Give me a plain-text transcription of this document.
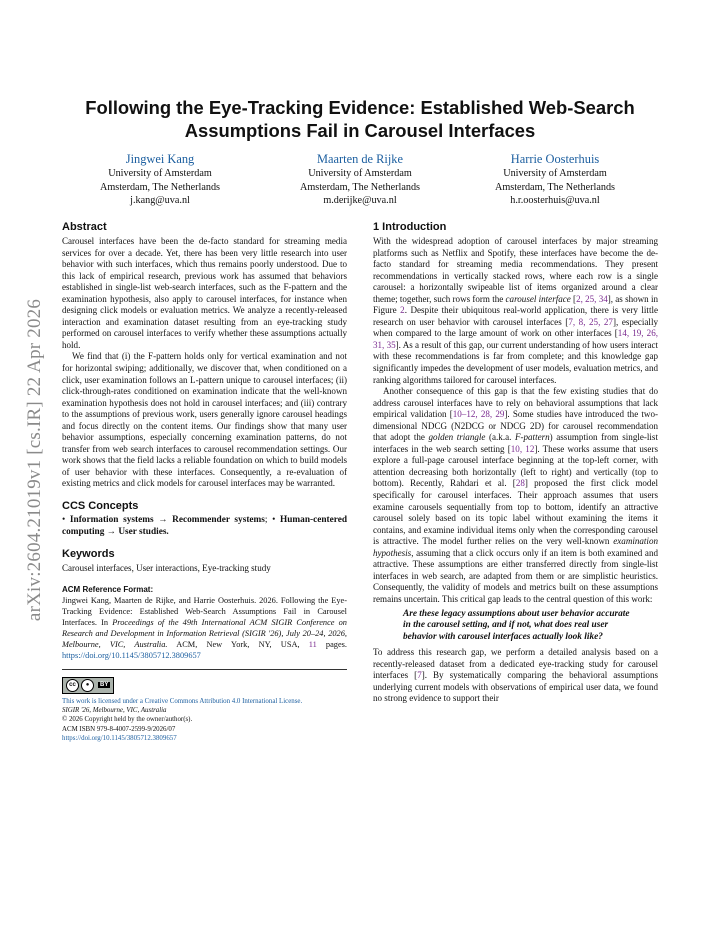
arXiv:2604.21019v1 [cs.IR] 22 Apr 2026
Following the Eye-Tracking Evidence: Established Web-Search
Assumptions Fail in Carousel Interfaces
Jingwei Kang
University of Amsterdam
Amsterdam, The Netherlands
j.kang@uva.nl
Maarten de Rijke
University of Amsterdam
Amsterdam, The Netherlands
m.derijke@uva.nl
Harrie Oosterhuis
University of Amsterdam
Amsterdam, The Netherlands
h.r.oosterhuis@uva.nl
Abstract

Carousel interfaces have been the de-facto standard for streaming media services for over a decade. Yet, there has been very little research into user behavior with such interfaces, which thus remains poorly understood. Due to this lack of empirical research, previous work has assumed that behaviors established in single-list web-search interfaces, such as the F-pattern and the examination hypothesis, also apply to carousel interfaces, for instance when designing click models or evaluation metrics. We analyze a recently-released interaction and examination dataset resulting from an eye-tracking study performed on carousel interfaces to verify whether these assumptions actually hold.

We find that (i) the F-pattern holds only for vertical examination and not for horizontal swiping; additionally, we discover that, when conditioned on a click, user examination follows an L-pattern unique to carousel interfaces; (ii) click-through-rates conditioned on examination indicate that the well-known examination hypothesis does not hold in carousel interfaces; and (iii) contrary to the assumptions of previous work, users generally ignore carousel headings and focus directly on the content items. Our findings show that many user behavior assumptions, especially concerning examination patterns, do not transfer from web search interfaces to carousel recommendation settings. Our work shows that the field lacks a reliable foundation on which to build models of user behavior with these interfaces. Consequently, a re-evaluation of existing metrics and click models for carousel interfaces may be warranted.

CCS Concepts

• Information systems → Recommender systems; • Human-centered computing → User studies.

Keywords

Carousel interfaces, User interactions, Eye-tracking study

ACM Reference Format:

Jingwei Kang, Maarten de Rijke, and Harrie Oosterhuis. 2026. Following the Eye-Tracking Evidence: Established Web-Search Assumptions Fail in Carousel Interfaces. In Proceedings of the 49th International ACM SIGIR Conference on Research and Development in Information Retrieval (SIGIR '26), July 20–24, 2026, Melbourne, VIC, Australia. ACM, New York, NY, USA, 11 pages. https://doi.org/10.1145/3805712.3809657

cc	●	BY

This work is licensed under a Creative Commons Attribution 4.0 International License.

SIGIR '26, Melbourne, VIC, Australia

© 2026 Copyright held by the owner/author(s).

ACM ISBN 979-8-4007-2599-9/2026/07

https://doi.org/10.1145/3805712.3809657

1 Introduction

With the widespread adoption of carousel interfaces by major streaming platforms such as Netflix and Spotify, these interfaces have become the de-facto standard for streaming media recommendations. They present recommendations in vertically stacked rows, where each row is a single carousel: a horizontally swipeable list of items organized around a clear theme; together, such rows form the carousel interface [2, 25, 34], as shown in Figure 2. Despite their ubiquitous real-world application, there is very little research on user behavior with carousel interfaces [7, 8, 25, 27], especially when compared to the large amount of work on other interfaces [14, 19, 26, 31, 35]. As a result of this gap, our current understanding of how users interact with these recommendations is far from complete; and this knowledge gap significantly impedes the development of user models, evaluation metrics, and ranking algorithms tailored for carousel interfaces.

Another consequence of this gap is that the few existing studies that do address carousel interfaces have to rely on behavioral assumptions that lack empirical validation [10–12, 28, 29]. Some studies have introduced the two-dimensional NDCG (N2DCG or NDCG 2D) for carousel recommendation that adopt the golden triangle (a.k.a. F-pattern) assumption from single-list interfaces in the web search setting [10, 12]. These works assume that users explore a full-page carousel interface beginning at the top-left corner, with attention decreasing both horizontally (left to right) and vertically (top to bottom). Recently, Rahdari et al. [28] proposed the first click model specifically for carousel interfaces. Their approach assumes that users examine carousels sequentially from top to bottom, identify an attractive carousel solely based on its topic label without examining the items it contains, and examine individual items only when the corresponding carousel is attractive. The model further relies on the very well-known examination hypothesis, assuming that a click occurs only if an item is both examined and attractive. These assumptions are either transferred directly from single-list interfaces in web search, are adapted from them or are simplistic heuristics. Consequently, the validity of models and metrics built on these assumptions remains uncertain. This critical gap leads to the central question of this work:

Are these legacy assumptions about user behavior accurate in the carousel setting, and if not, what does real user behavior with carousel interfaces actually look like?

To address this research gap, we perform a detailed analysis based on a recently-released dataset from a dedicated eye-tracking study for carousel interfaces [7]. By systematically comparing the behavioral assumptions underlying current models with observations of empirical user data, we found no strong evidence to support their
